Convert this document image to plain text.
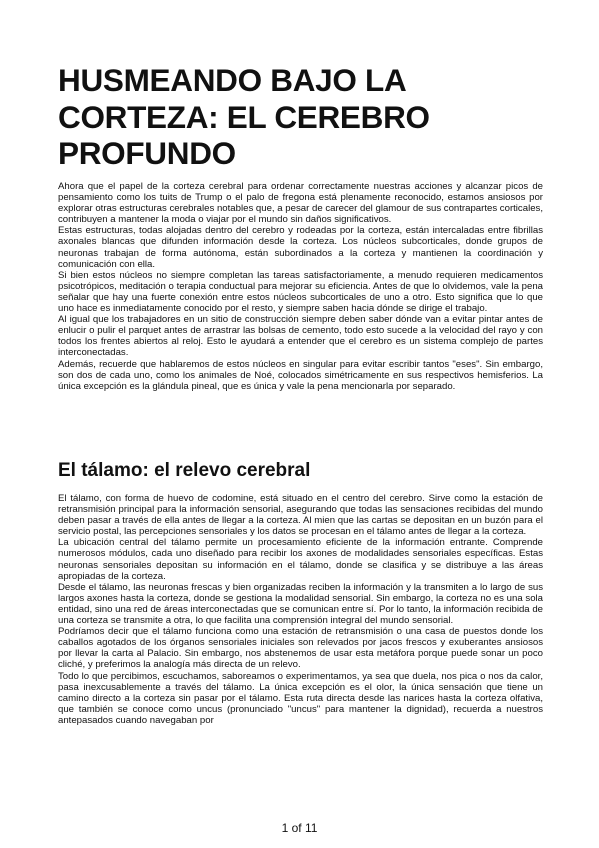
HUSMEANDO BAJO LA
CORTEZA: EL CEREBRO
PROFUNDO

Ahora que el papel de la corteza cerebral para ordenar correctamente nuestras acciones y alcanzar picos de pensamiento como los tuits de Trump o el palo de fregona está plenamente reconocido, estamos ansiosos por explorar otras estructuras cerebrales notables que, a pesar de carecer del glamour de sus contrapartes corticales, contribuyen a mantener la moda o viajar por el mundo sin daños significativos.

Estas estructuras, todas alojadas dentro del cerebro y rodeadas por la corteza, están intercaladas entre fibrillas axonales blancas que difunden información desde la corteza. Los núcleos subcorticales, donde grupos de neuronas trabajan de forma autónoma, están subordinados a la corteza y mantienen la coordinación y comunicación con ella.

Si bien estos núcleos no siempre completan las tareas satisfactoriamente, a menudo requieren medicamentos psicotrópicos, meditación o terapia conductual para mejorar su eficiencia. Antes de que lo olvidemos, vale la pena señalar que hay una fuerte conexión entre estos núcleos subcorticales de uno a otro. Esto significa que lo que uno hace es inmediatamente conocido por el resto, y siempre saben hacia dónde se dirige el trabajo.

Al igual que los trabajadores en un sitio de construcción siempre deben saber dónde van a evitar pintar antes de enlucir o pulir el parquet antes de arrastrar las bolsas de cemento, todo esto sucede a la velocidad del rayo y con todos los frentes abiertos al reloj. Esto le ayudará a entender que el cerebro es un sistema complejo de partes interconectadas.

Además, recuerde que hablaremos de estos núcleos en singular para evitar escribir tantos "eses". Sin embargo, son dos de cada uno, como los animales de Noé, colocados simétricamente en sus respectivos hemisferios. La única excepción es la glándula pineal, que es única y vale la pena mencionarla por separado.

El tálamo: el relevo cerebral

El tálamo, con forma de huevo de codomine, está situado en el centro del cerebro. Sirve como la estación de retransmisión principal para la información sensorial, asegurando que todas las sensaciones recibidas del mundo deben pasar a través de ella antes de llegar a la corteza. Al mien que las cartas se depositan en un buzón para el servicio postal, las percepciones sensoriales y los datos se procesan en el tálamo antes de llegar a la corteza.

La ubicación central del tálamo permite un procesamiento eficiente de la información entrante. Comprende numerosos módulos, cada uno diseñado para recibir los axones de modalidades sensoriales específicas. Estas neuronas sensoriales depositan su información en el tálamo, donde se clasifica y se distribuye a las áreas apropiadas de la corteza.

Desde el tálamo, las neuronas frescas y bien organizadas reciben la información y la transmiten a lo largo de sus largos axones hasta la corteza, donde se gestiona la modalidad sensorial. Sin embargo, la corteza no es una sola entidad, sino una red de áreas interconectadas que se comunican entre sí. Por lo tanto, la información recibida de una corteza se transmite a otra, lo que facilita una comprensión integral del mundo sensorial.

Podríamos decir que el tálamo funciona como una estación de retransmisión o una casa de puestos donde los caballos agotados de los órganos sensoriales iniciales son relevados por jacos frescos y exuberantes ansiosos por llevar la carta al Palacio. Sin embargo, nos abstenemos de usar esta metáfora porque puede sonar un poco cliché, y preferimos la analogía más directa de un relevo.

Todo lo que percibimos, escuchamos, saboreamos o experimentamos, ya sea que duela, nos pica o nos da calor, pasa inexcusablemente a través del tálamo. La única excepción es el olor, la única sensación que tiene un camino directo a la corteza sin pasar por el tálamo. Esta ruta directa desde las narices hasta la corteza olfativa, que también se conoce como uncus (pronunciado "uncus" para mantener la dignidad), recuerda a nuestros antepasados cuando navegaban por

1 of 11
